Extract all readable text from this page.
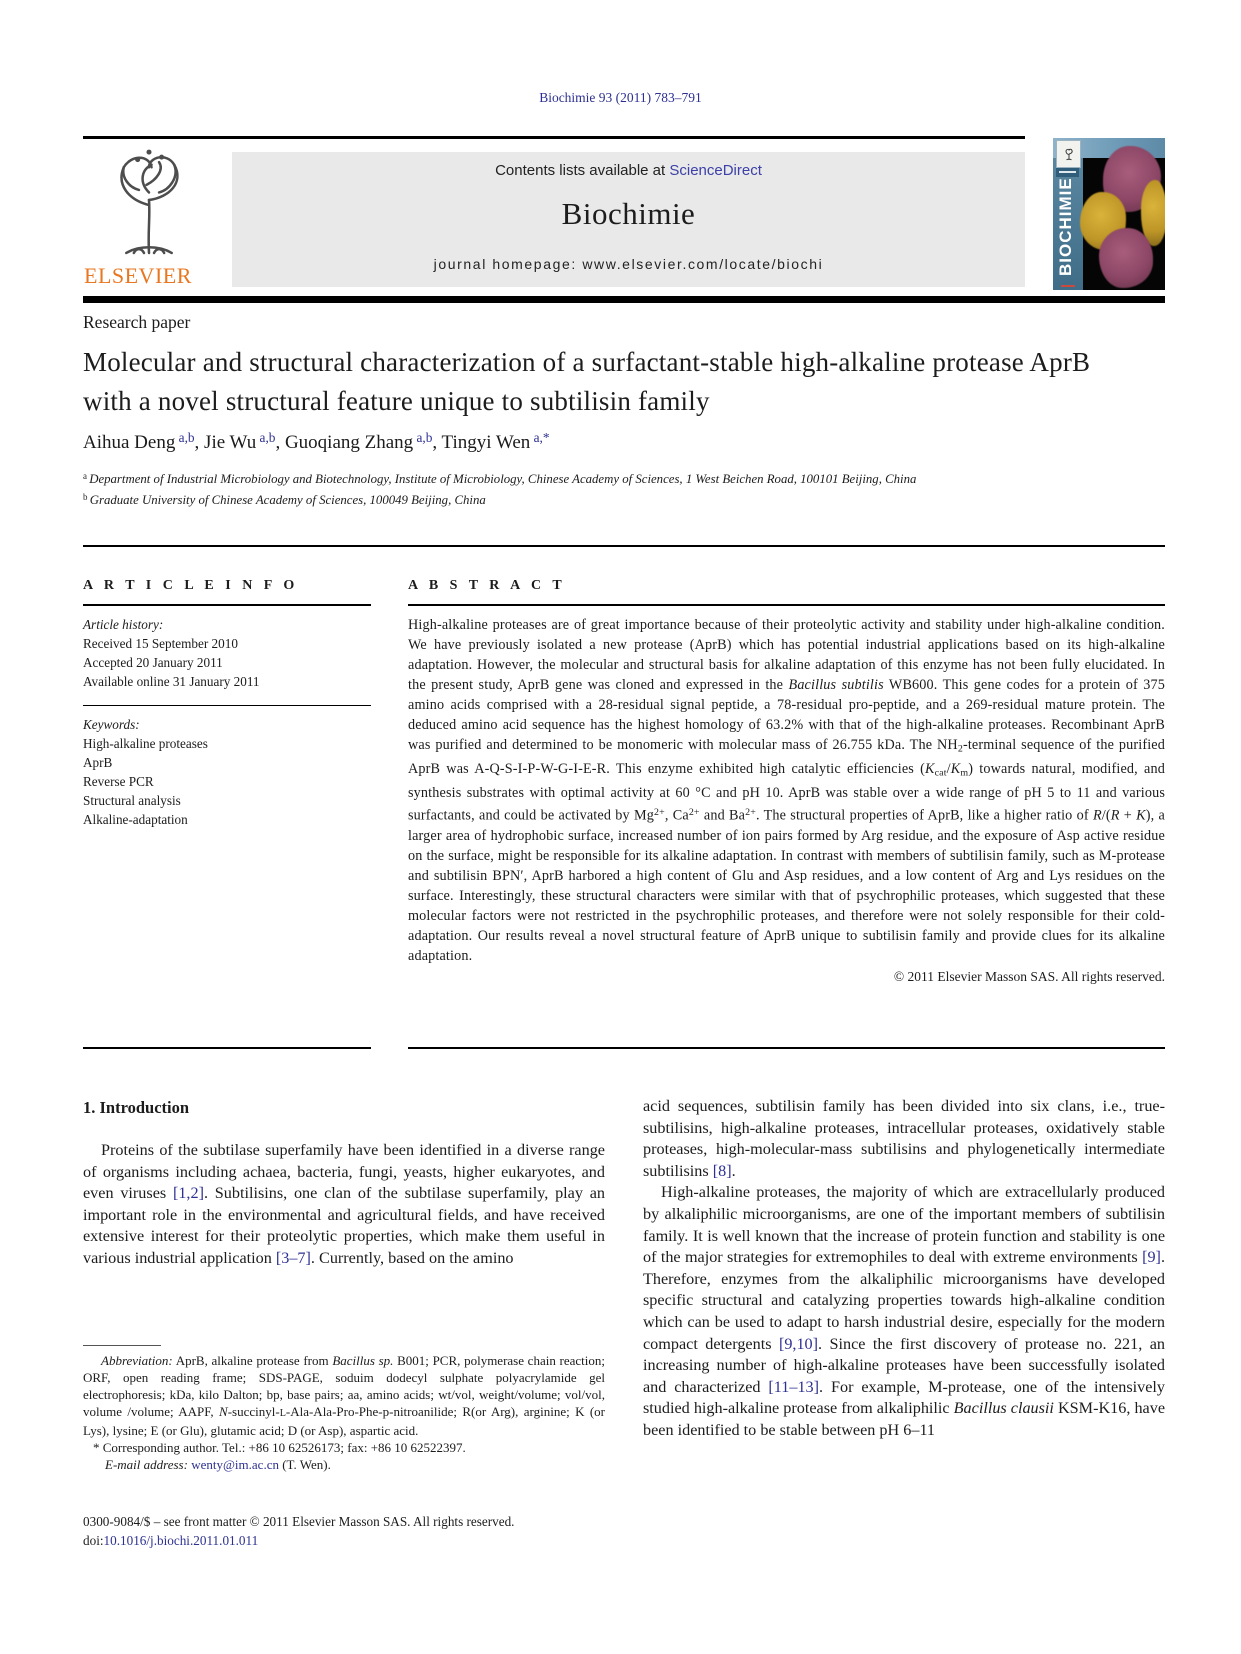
Biochimie 93 (2011) 783–791
ELSEVIER
Contents lists available at ScienceDirect
Biochimie
journal homepage: www.elsevier.com/locate/biochi	BIOCHIMIE
Research paper
Molecular and structural characterization of a surfactant-stable high-alkaline protease AprB with a novel structural feature unique to subtilisin family
Aihua Deng $^{a,b}$, Jie Wu $^{a,b}$, Guoqiang Zhang $^{a,b}$, Tingyi Wen $^{a,*}$
$^a$ Department of Industrial Microbiology and Biotechnology, Institute of Microbiology, Chinese Academy of Sciences, 1 West Beichen Road, 100101 Beijing, China
$^b$ Graduate University of Chinese Academy of Sciences, 100049 Beijing, China
A R T I C L E I N F O
Article history:
Received 15 September 2010
Accepted 20 January 2011
Available online 31 January 2011
Keywords:
High-alkaline proteases
AprB
Reverse PCR
Structural analysis
Alkaline-adaptation
A B S T R A C T
High-alkaline proteases are of great importance because of their proteolytic activity and stability under high-alkaline condition. We have previously isolated a new protease (AprB) which has potential industrial applications based on its high-alkaline adaptation. However, the molecular and structural basis for alkaline adaptation of this enzyme has not been fully elucidated. In the present study, AprB gene was cloned and expressed in the Bacillus subtilis WB600. This gene codes for a protein of 375 amino acids comprised with a 28-residual signal peptide, a 78-residual pro-peptide, and a 269-residual mature protein. The deduced amino acid sequence has the highest homology of 63.2% with that of the high-alkaline proteases. Recombinant AprB was purified and determined to be monomeric with molecular mass of 26.755 kDa. The NH2-terminal sequence of the purified AprB was A-Q-S-I-P-W-G-I-E-R. This enzyme exhibited high catalytic efficiencies (Kcat/Km) towards natural, modified, and synthesis substrates with optimal activity at 60 °C and pH 10. AprB was stable over a wide range of pH 5 to 11 and various surfactants, and could be activated by $Mg^{2+}$, $Ca^{2+}$ and $Ba^{2+}$. The structural properties of AprB, like a higher ratio of R/(R + K), a larger area of hydrophobic surface, increased number of ion pairs formed by Arg residue, and the exposure of Asp active residue on the surface, might be responsible for its alkaline adaptation. In contrast with members of subtilisin family, such as M-protease and subtilisin BPN′, AprB harbored a high content of Glu and Asp residues, and a low content of Arg and Lys residues on the surface. Interestingly, these structural characters were similar with that of psychrophilic proteases, which suggested that these molecular factors were not restricted in the psychrophilic proteases, and therefore were not solely responsible for their cold-adaptation. Our results reveal a novel structural feature of AprB unique to subtilisin family and provide clues for its alkaline adaptation.
© 2011 Elsevier Masson SAS. All rights reserved.
1. Introduction
Proteins of the subtilase superfamily have been identified in a diverse range of organisms including achaea, bacteria, fungi, yeasts, higher eukaryotes, and even viruses [1,2]. Subtilisins, one clan of the subtilase superfamily, play an important role in the environmental and agricultural fields, and have received extensive interest for their proteolytic properties, which make them useful in various industrial application [3–7]. Currently, based on the amino
acid sequences, subtilisin family has been divided into six clans, i.e., true-subtilisins, high-alkaline proteases, intracellular proteases, oxidatively stable proteases, high-molecular-mass subtilisins and phylogenetically intermediate subtilisins [8].
High-alkaline proteases, the majority of which are extracellularly produced by alkaliphilic microorganisms, are one of the important members of subtilisin family. It is well known that the increase of protein function and stability is one of the major strategies for extremophiles to deal with extreme environments [9]. Therefore, enzymes from the alkaliphilic microorganisms have developed specific structural and catalyzing properties towards high-alkaline condition which can be used to adapt to harsh industrial desire, especially for the modern compact detergents [9,10]. Since the first discovery of protease no. 221, an increasing number of high-alkaline proteases have been successfully isolated and characterized [11–13]. For example, M-protease, one of the intensively studied high-alkaline protease from alkaliphilic Bacillus clausii KSM-K16, have been identified to be stable between pH 6–11
Abbreviation: AprB, alkaline protease from Bacillus sp. B001; PCR, polymerase chain reaction; ORF, open reading frame; SDS-PAGE, soduim dodecyl sulphate polyacrylamide gel electrophoresis; kDa, kilo Dalton; bp, base pairs; aa, amino acids; wt/vol, weight/volume; vol/vol, volume /volume; AAPF, N-succinyl-L-Ala-Ala-Pro-Phe-p-nitroanilide; R(or Arg), arginine; K (or Lys), lysine; E (or Glu), glutamic acid; D (or Asp), aspartic acid.
* Corresponding author. Tel.: +86 10 62526173; fax: +86 10 62522397.
E-mail address: wenty@im.ac.cn (T. Wen).
0300-9084/$ – see front matter © 2011 Elsevier Masson SAS. All rights reserved.
doi:10.1016/j.biochi.2011.01.011
